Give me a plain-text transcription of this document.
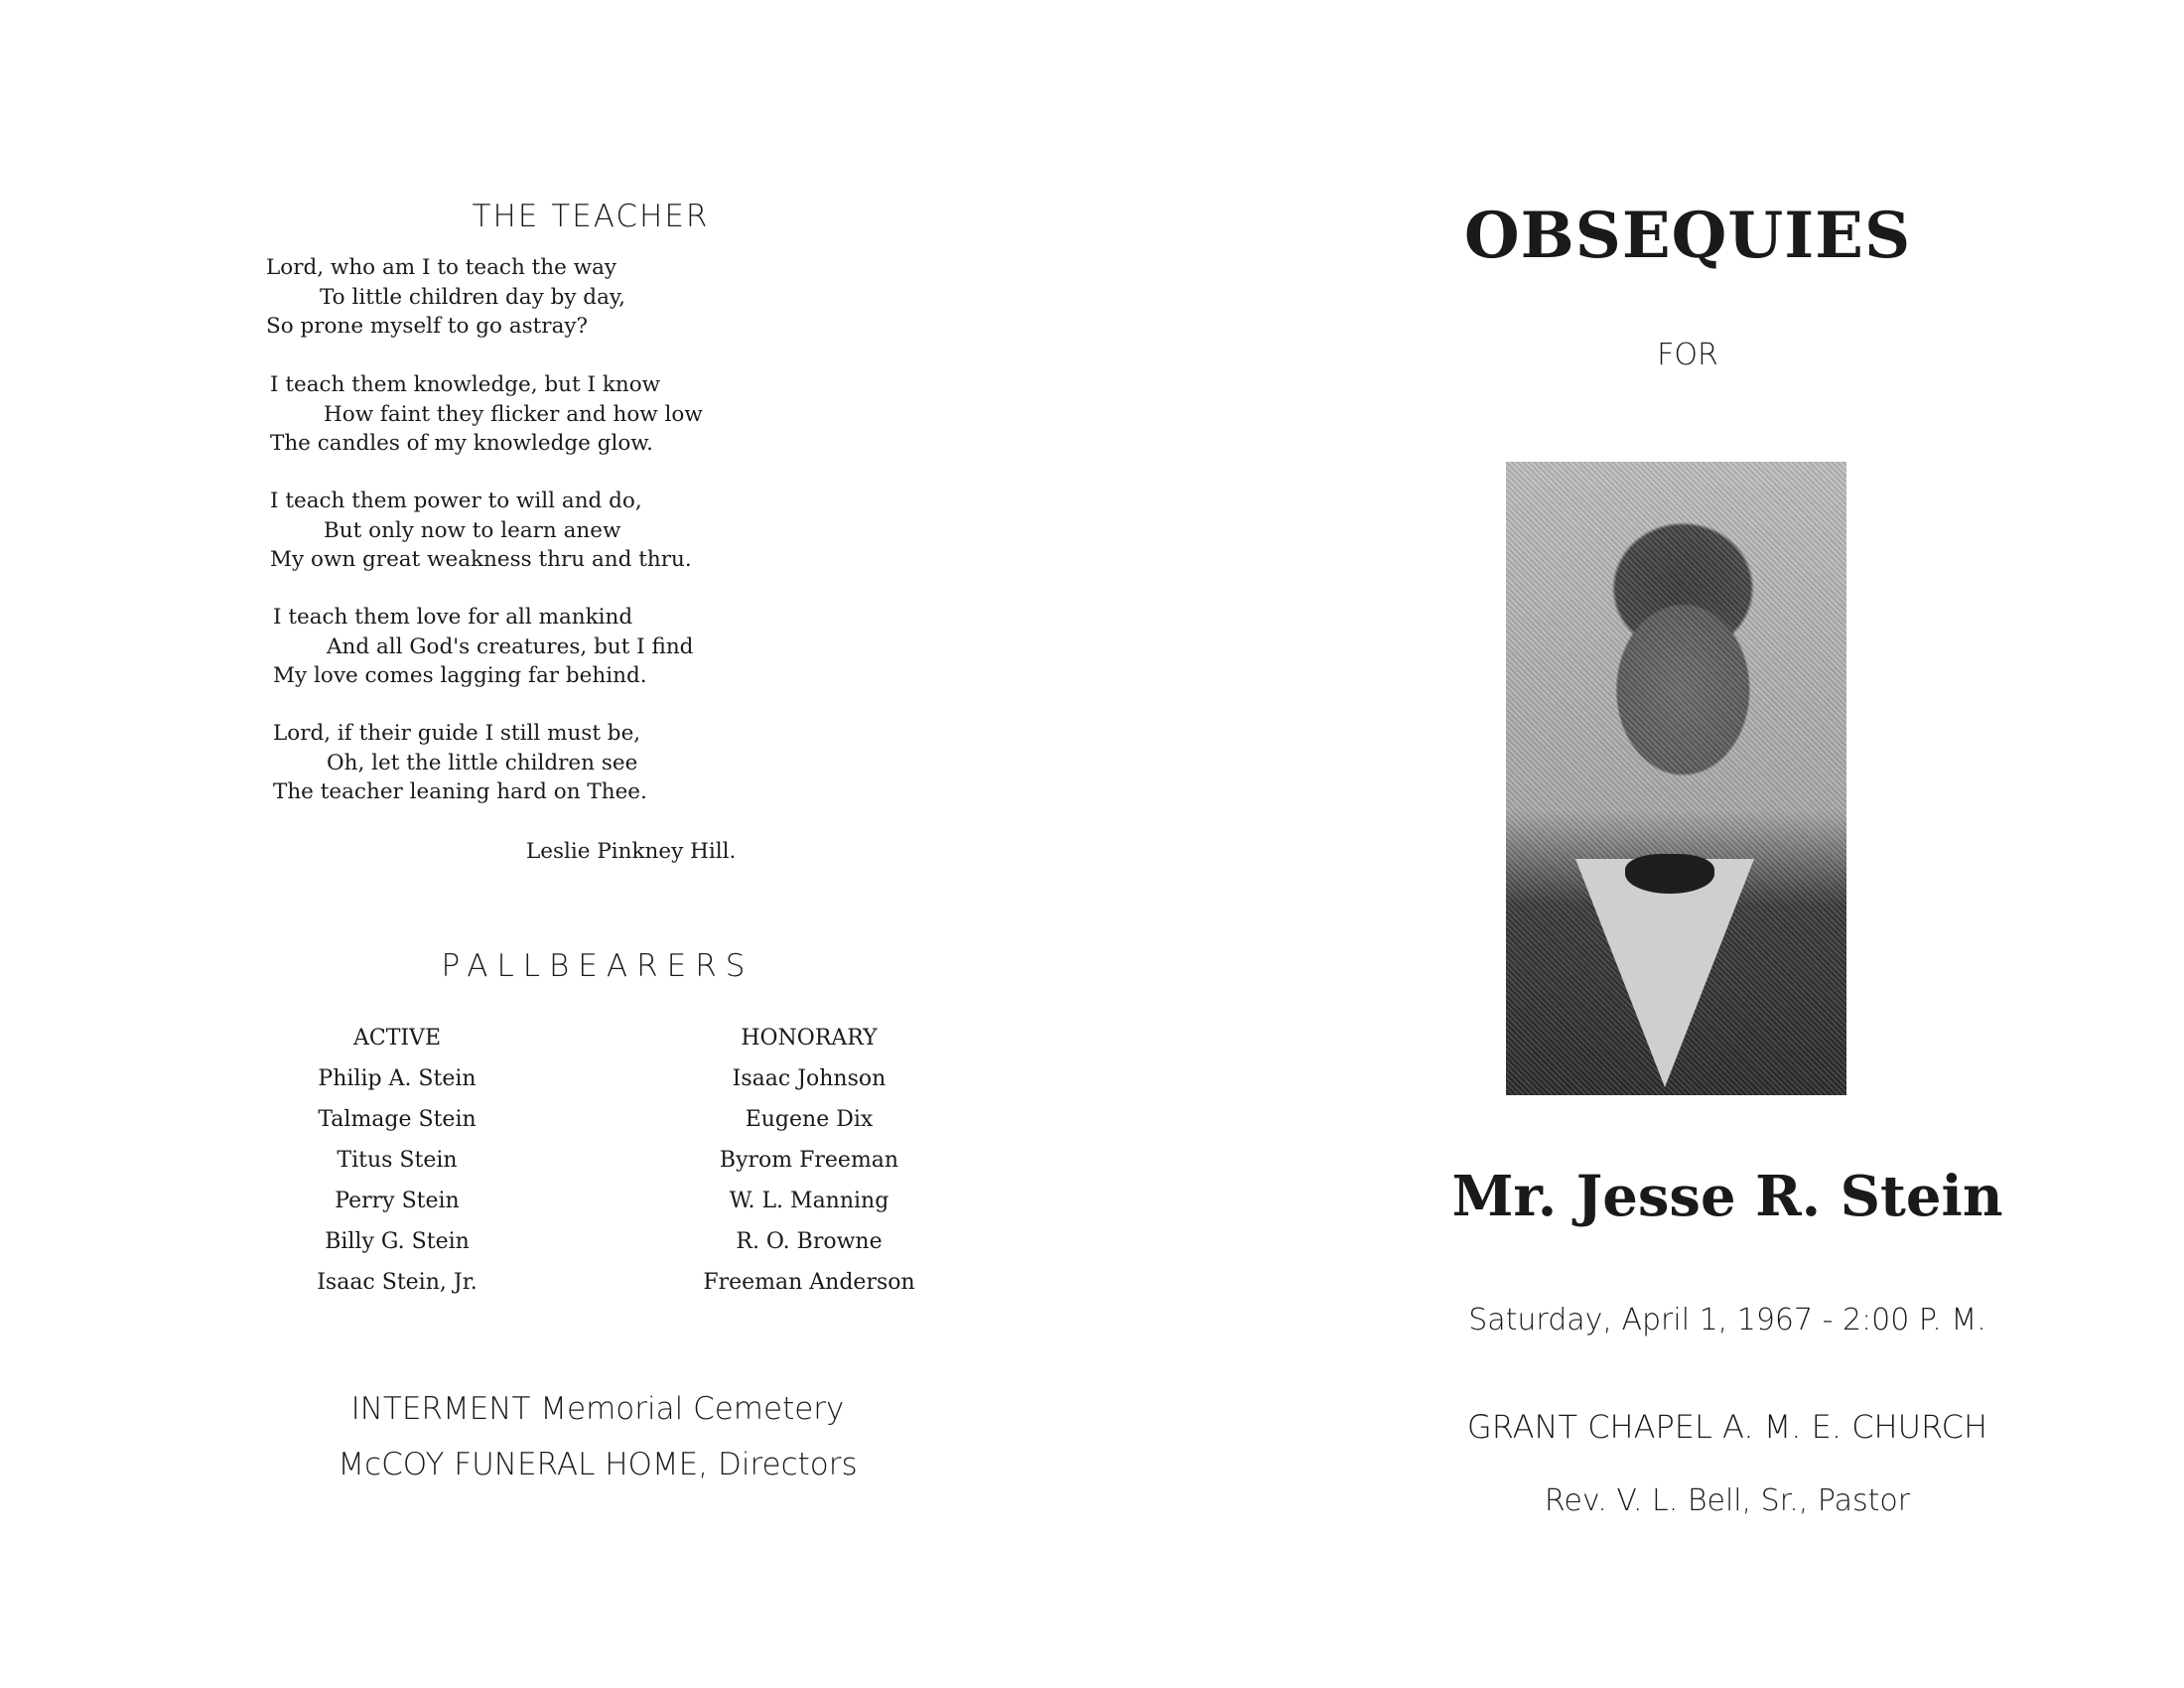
THE TEACHER
Lord, who am I to teach the way
To little children day by day,
So prone myself to go astray?
I teach them knowledge, but I know
How faint they flicker and how low
The candles of my knowledge glow.
I teach them power to will and do,
But only now to learn anew
My own great weakness thru and thru.
I teach them love for all mankind
And all God's creatures, but I find
My love comes lagging far behind.
Lord, if their guide I still must be,
Oh, let the little children see
The teacher leaning hard on Thee.
Leslie Pinkney Hill.
PALLBEARERS
ACTIVE
Philip A. Stein
Talmage Stein
Titus Stein
Perry Stein
Billy G. Stein
Isaac Stein, Jr.
HONORARY
Isaac Johnson
Eugene Dix
Byrom Freeman
W. L. Manning
R. O. Browne
Freeman Anderson
INTERMENT Memorial Cemetery
McCOY FUNERAL HOME, Directors
OBSEQUIES
FOR
Mr. Jesse R. Stein
Saturday, April 1, 1967 - 2:00 P. M.
GRANT CHAPEL A. M. E. CHURCH
Rev. V. L. Bell, Sr., Pastor
